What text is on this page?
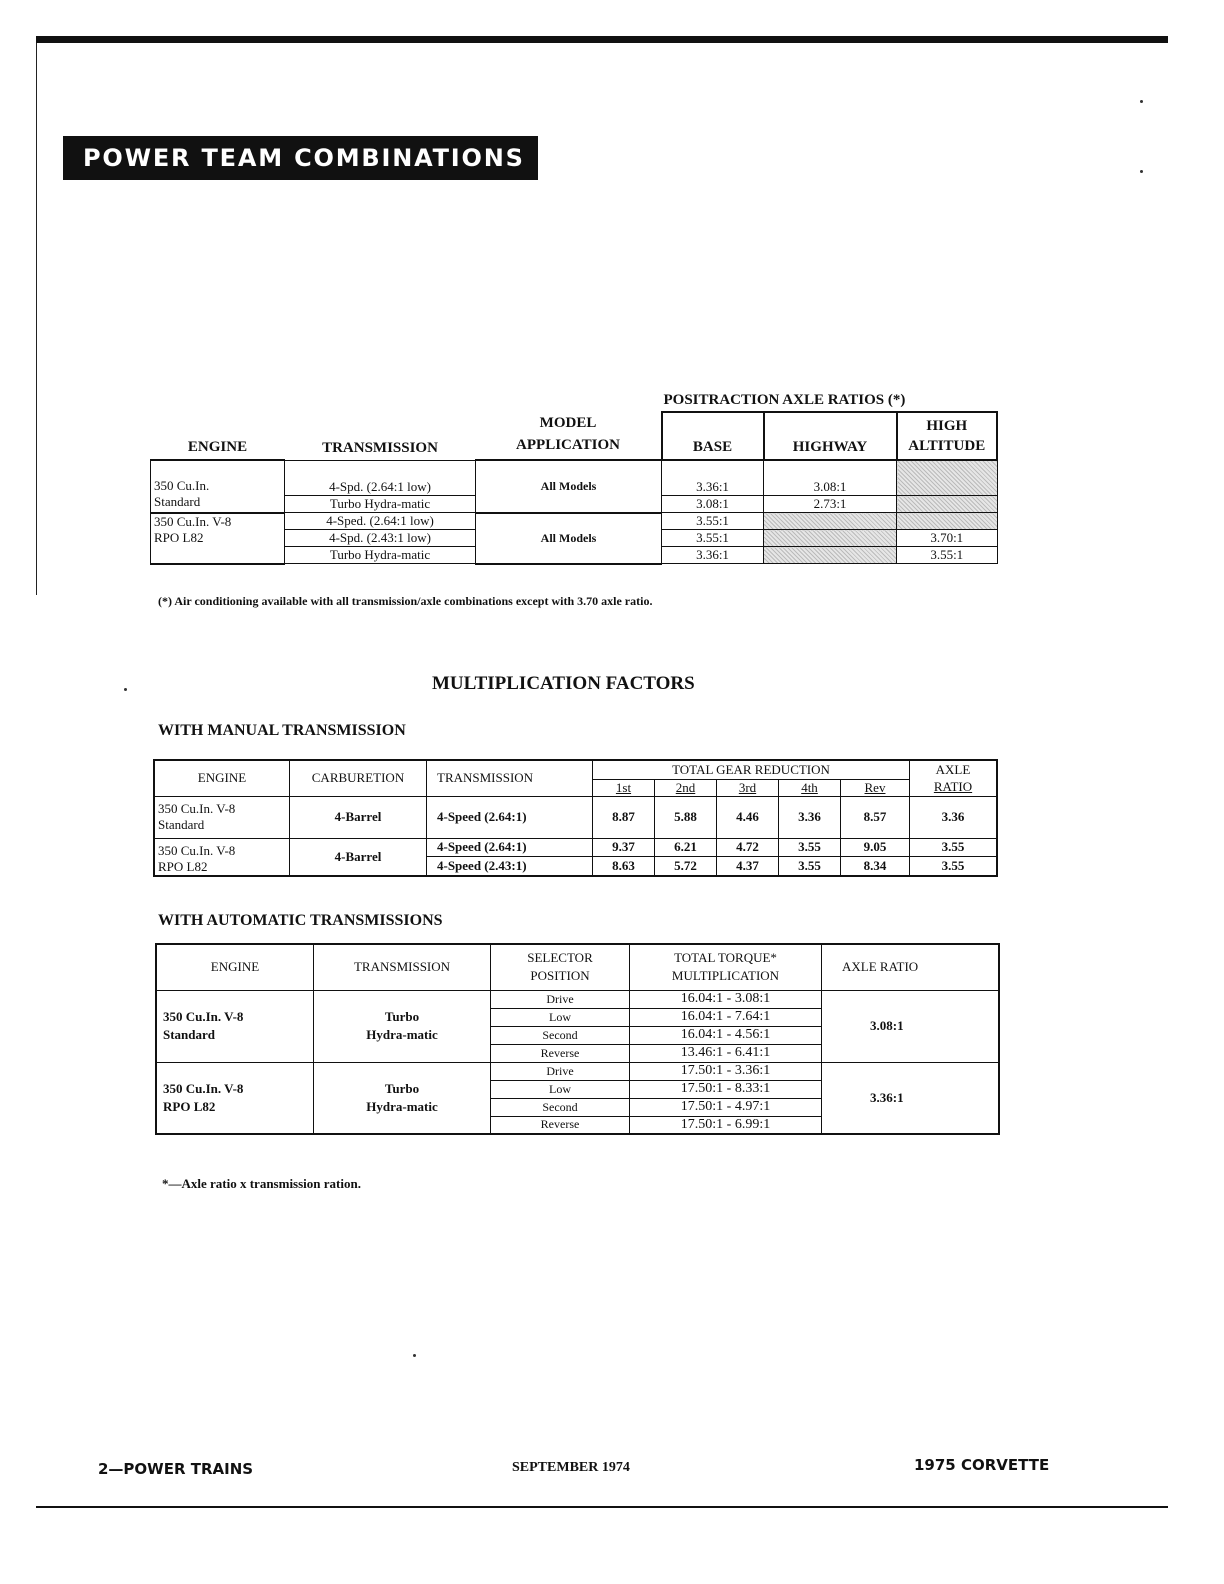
POWER TEAM COMBINATIONS
			POSITRACTION AXLE RATIOS (*)		
ENGINE	TRANSMISSION	MODEL
APPLICATION	BASE	HIGHWAY	HIGH
ALTITUDE

350 Cu.In.
Standard	4-Spd. (2.64:1 low)	All Models	3.36:1	3.08:1	
	Turbo Hydra-matic		3.08:1	2.73:1	

350 Cu.In. V-8
RPO L82	4-Sped. (2.64:1 low)	All Models	3.55:1		
	4-Spd. (2.43:1 low)		3.55:1		3.70:1
	Turbo Hydra-matic		3.36:1		3.55:1
(*) Air conditioning available with all transmission/axle combinations except with 3.70 axle ratio.
MULTIPLICATION FACTORS
WITH MANUAL TRANSMISSION
ENGINE	CARBURETION	TRANSMISSION	TOTAL GEAR REDUCTION					AXLE
RATIO

			1st	2nd	3rd	4th	Rev	

350 Cu.In. V-8
Standard	4-Barrel	4-Speed (2.64:1)	8.87	5.88	4.46	3.36	8.57	3.36

350 Cu.In. V-8
RPO L82	4-Barrel	4-Speed (2.64:1)	9.37	6.21	4.72	3.55	9.05	3.55
		4-Speed (2.43:1)	8.63	5.72	4.37	3.55	8.34	3.55
WITH AUTOMATIC TRANSMISSIONS
ENGINE	TRANSMISSION	SELECTOR
POSITION	TOTAL TORQUE*
MULTIPLICATION	AXLE RATIO

350 Cu.In. V-8
Standard	Turbo
Hydra-matic	Drive	16.04:1 - 3.08:1	3.08:1
		Low	16.04:1 - 7.64:1	
		Second	16.04:1 - 4.56:1	
		Reverse	13.46:1 - 6.41:1	

350 Cu.In. V-8
RPO L82	Turbo
Hydra-matic	Drive	17.50:1 - 3.36:1	3.36:1
		Low	17.50:1 - 8.33:1	
		Second	17.50:1 - 4.97:1	
		Reverse	17.50:1 - 6.99:1	
*—Axle ratio x transmission ration.
2—POWER TRAINS	SEPTEMBER 1974	1975 CORVETTE
